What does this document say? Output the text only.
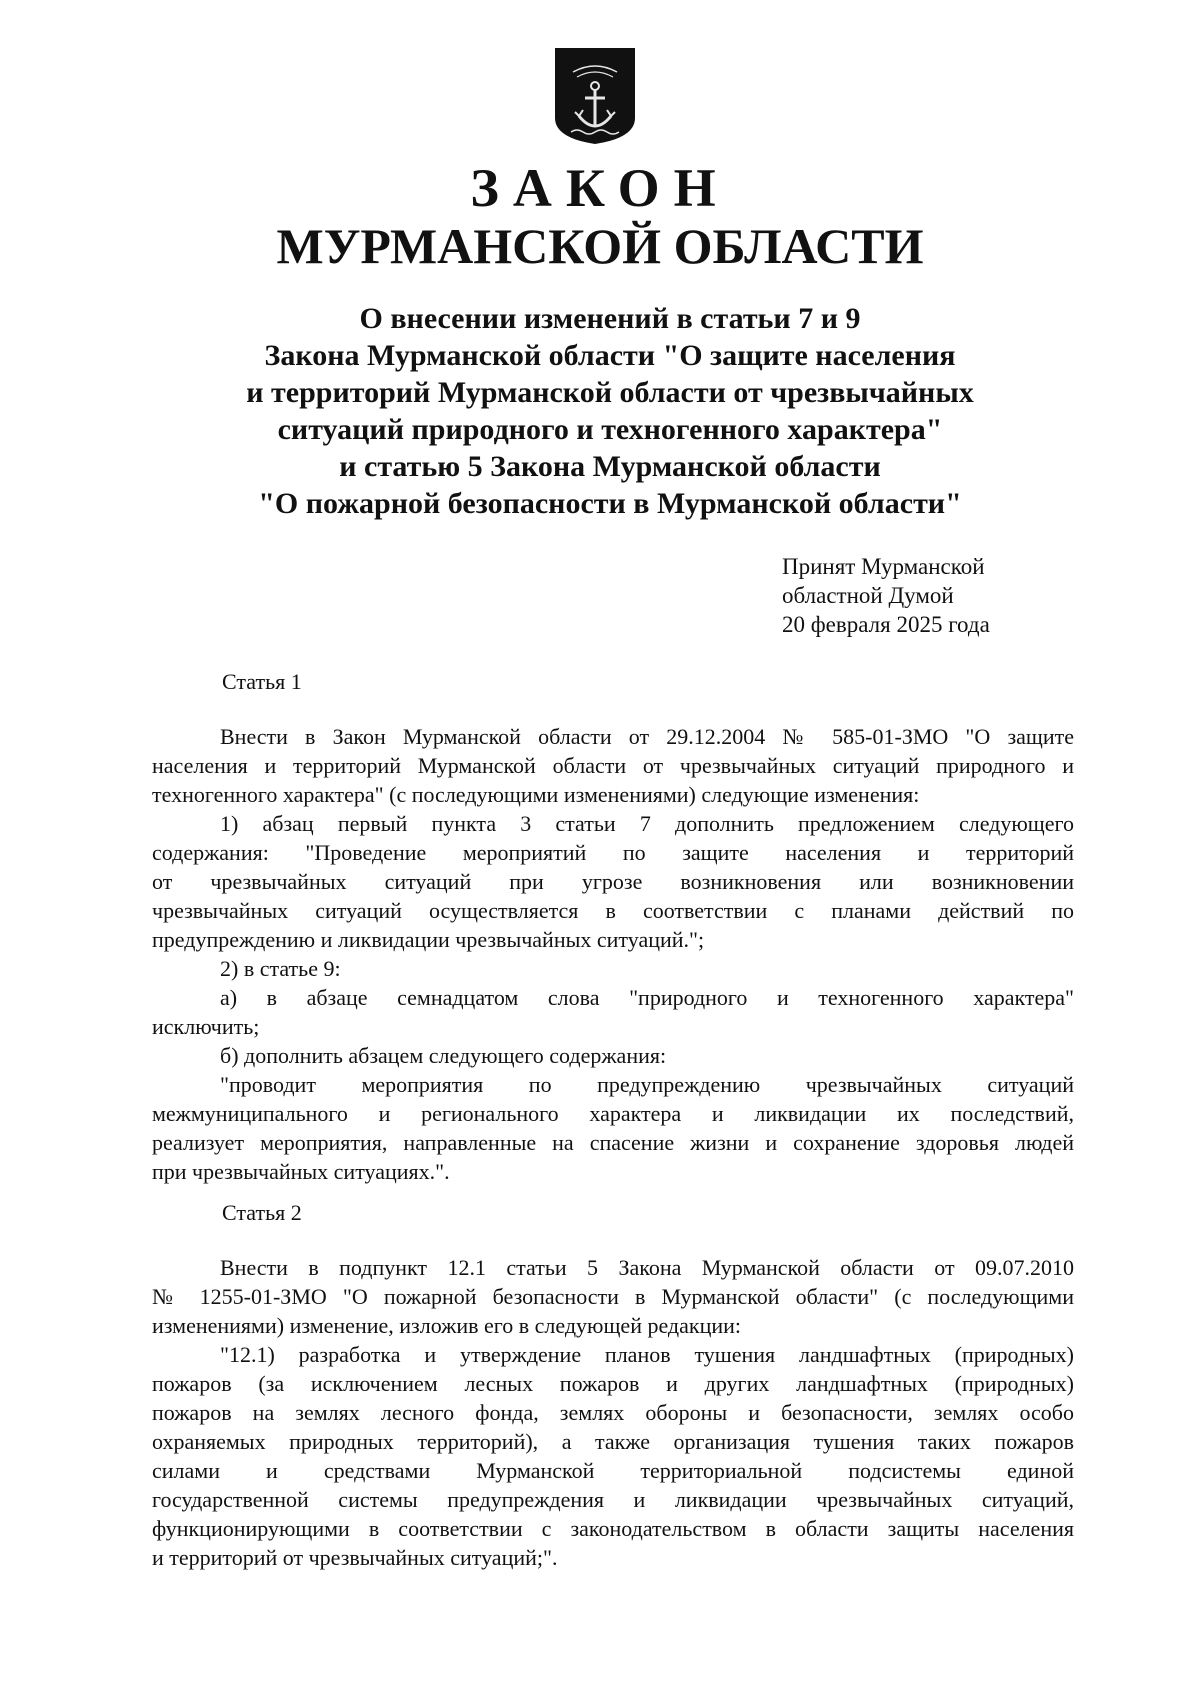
ЗАКОН
МУРМАНСКОЙ ОБЛАСТИ
О внесении изменений в статьи 7 и 9
Закона Мурманской области "О защите населения
и территорий Мурманской области от чрезвычайных
ситуаций природного и техногенного характера"
и статью 5 Закона Мурманской области
"О пожарной безопасности в Мурманской области"
Принят Мурманской
областной Думой
20 февраля 2025 года
Статья 1
Внести в Закон Мурманской области от 29.12.2004 № 585-01-ЗМО "О защите
населения и территорий Мурманской области от чрезвычайных ситуаций природного и
техногенного характера" (с последующими изменениями) следующие изменения:
1) абзац первый пункта 3 статьи 7 дополнить предложением следующего
содержания: "Проведение мероприятий по защите населения и территорий
от чрезвычайных ситуаций при угрозе возникновения или возникновении
чрезвычайных ситуаций осуществляется в соответствии с планами действий по
предупреждению и ликвидации чрезвычайных ситуаций.";
2) в статье 9:
а) в абзаце семнадцатом слова "природного и техногенного характера"
исключить;
б) дополнить абзацем следующего содержания:
"проводит мероприятия по предупреждению чрезвычайных ситуаций
межмуниципального и регионального характера и ликвидации их последствий,
реализует мероприятия, направленные на спасение жизни и сохранение здоровья людей
при чрезвычайных ситуациях.".
Статья 2
Внести в подпункт 12.1 статьи 5 Закона Мурманской области от 09.07.2010
№ 1255-01-ЗМО "О пожарной безопасности в Мурманской области" (с последующими
изменениями) изменение, изложив его в следующей редакции:
"12.1) разработка и утверждение планов тушения ландшафтных (природных)
пожаров (за исключением лесных пожаров и других ландшафтных (природных)
пожаров на землях лесного фонда, землях обороны и безопасности, землях особо
охраняемых природных территорий), а также организация тушения таких пожаров
силами и средствами Мурманской территориальной подсистемы единой
государственной системы предупреждения и ликвидации чрезвычайных ситуаций,
функционирующими в соответствии с законодательством в области защиты населения
и территорий от чрезвычайных ситуаций;".
